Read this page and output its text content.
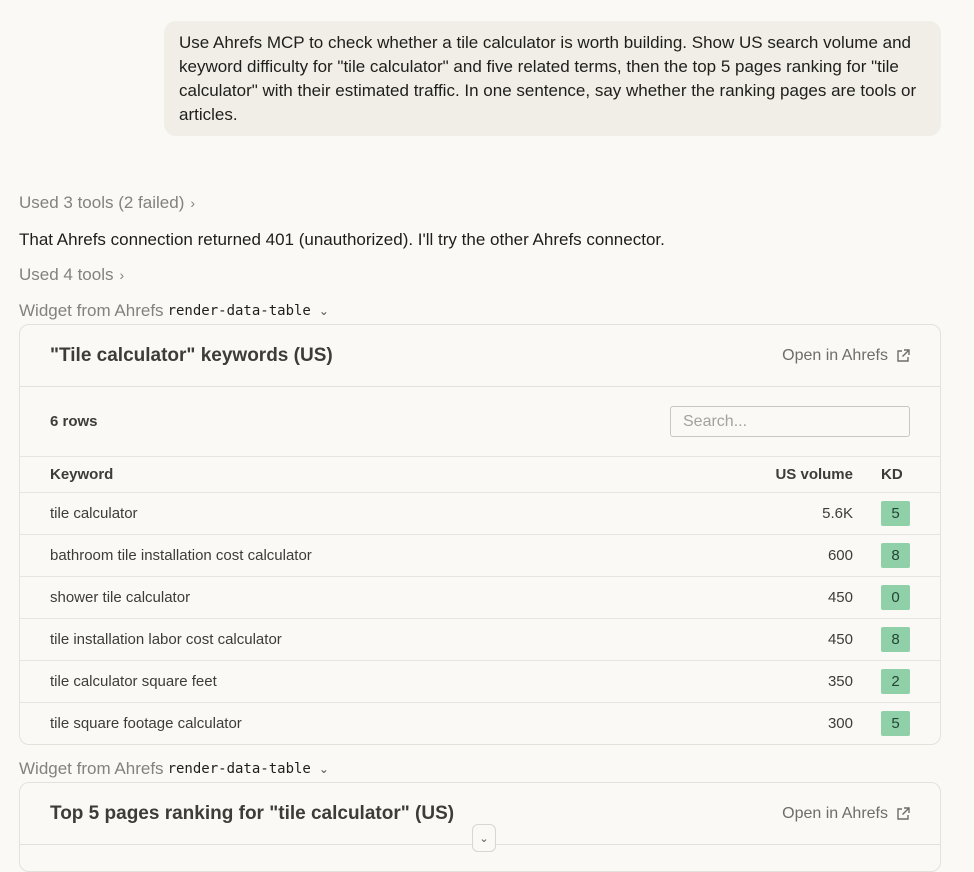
Use Ahrefs MCP to check whether a tile calculator is worth building. Show US search volume and keyword difficulty for "tile calculator" and five related terms, then the top 5 pages ranking for "tile calculator" with their estimated traffic. In one sentence, say whether the ranking pages are tools or articles.
Used 3 tools (2 failed) ›
That Ahrefs connection returned 401 (unauthorized). I'll try the other Ahrefs connector.
Used 4 tools ›
Widget from Ahrefs render-data-table ⌄
"Tile calculator" keywords (US)	Open in Ahrefs
6 rows
Search...
Keyword	US volume	KD
tile calculator	5.6K	5
bathroom tile installation cost calculator	600	8
shower tile calculator	450	0
tile installation labor cost calculator	450	8
tile calculator square feet	350	2
tile square footage calculator	300	5
Widget from Ahrefs render-data-table ⌄
Top 5 pages ranking for "tile calculator" (US)	Open in Ahrefs
⌄
